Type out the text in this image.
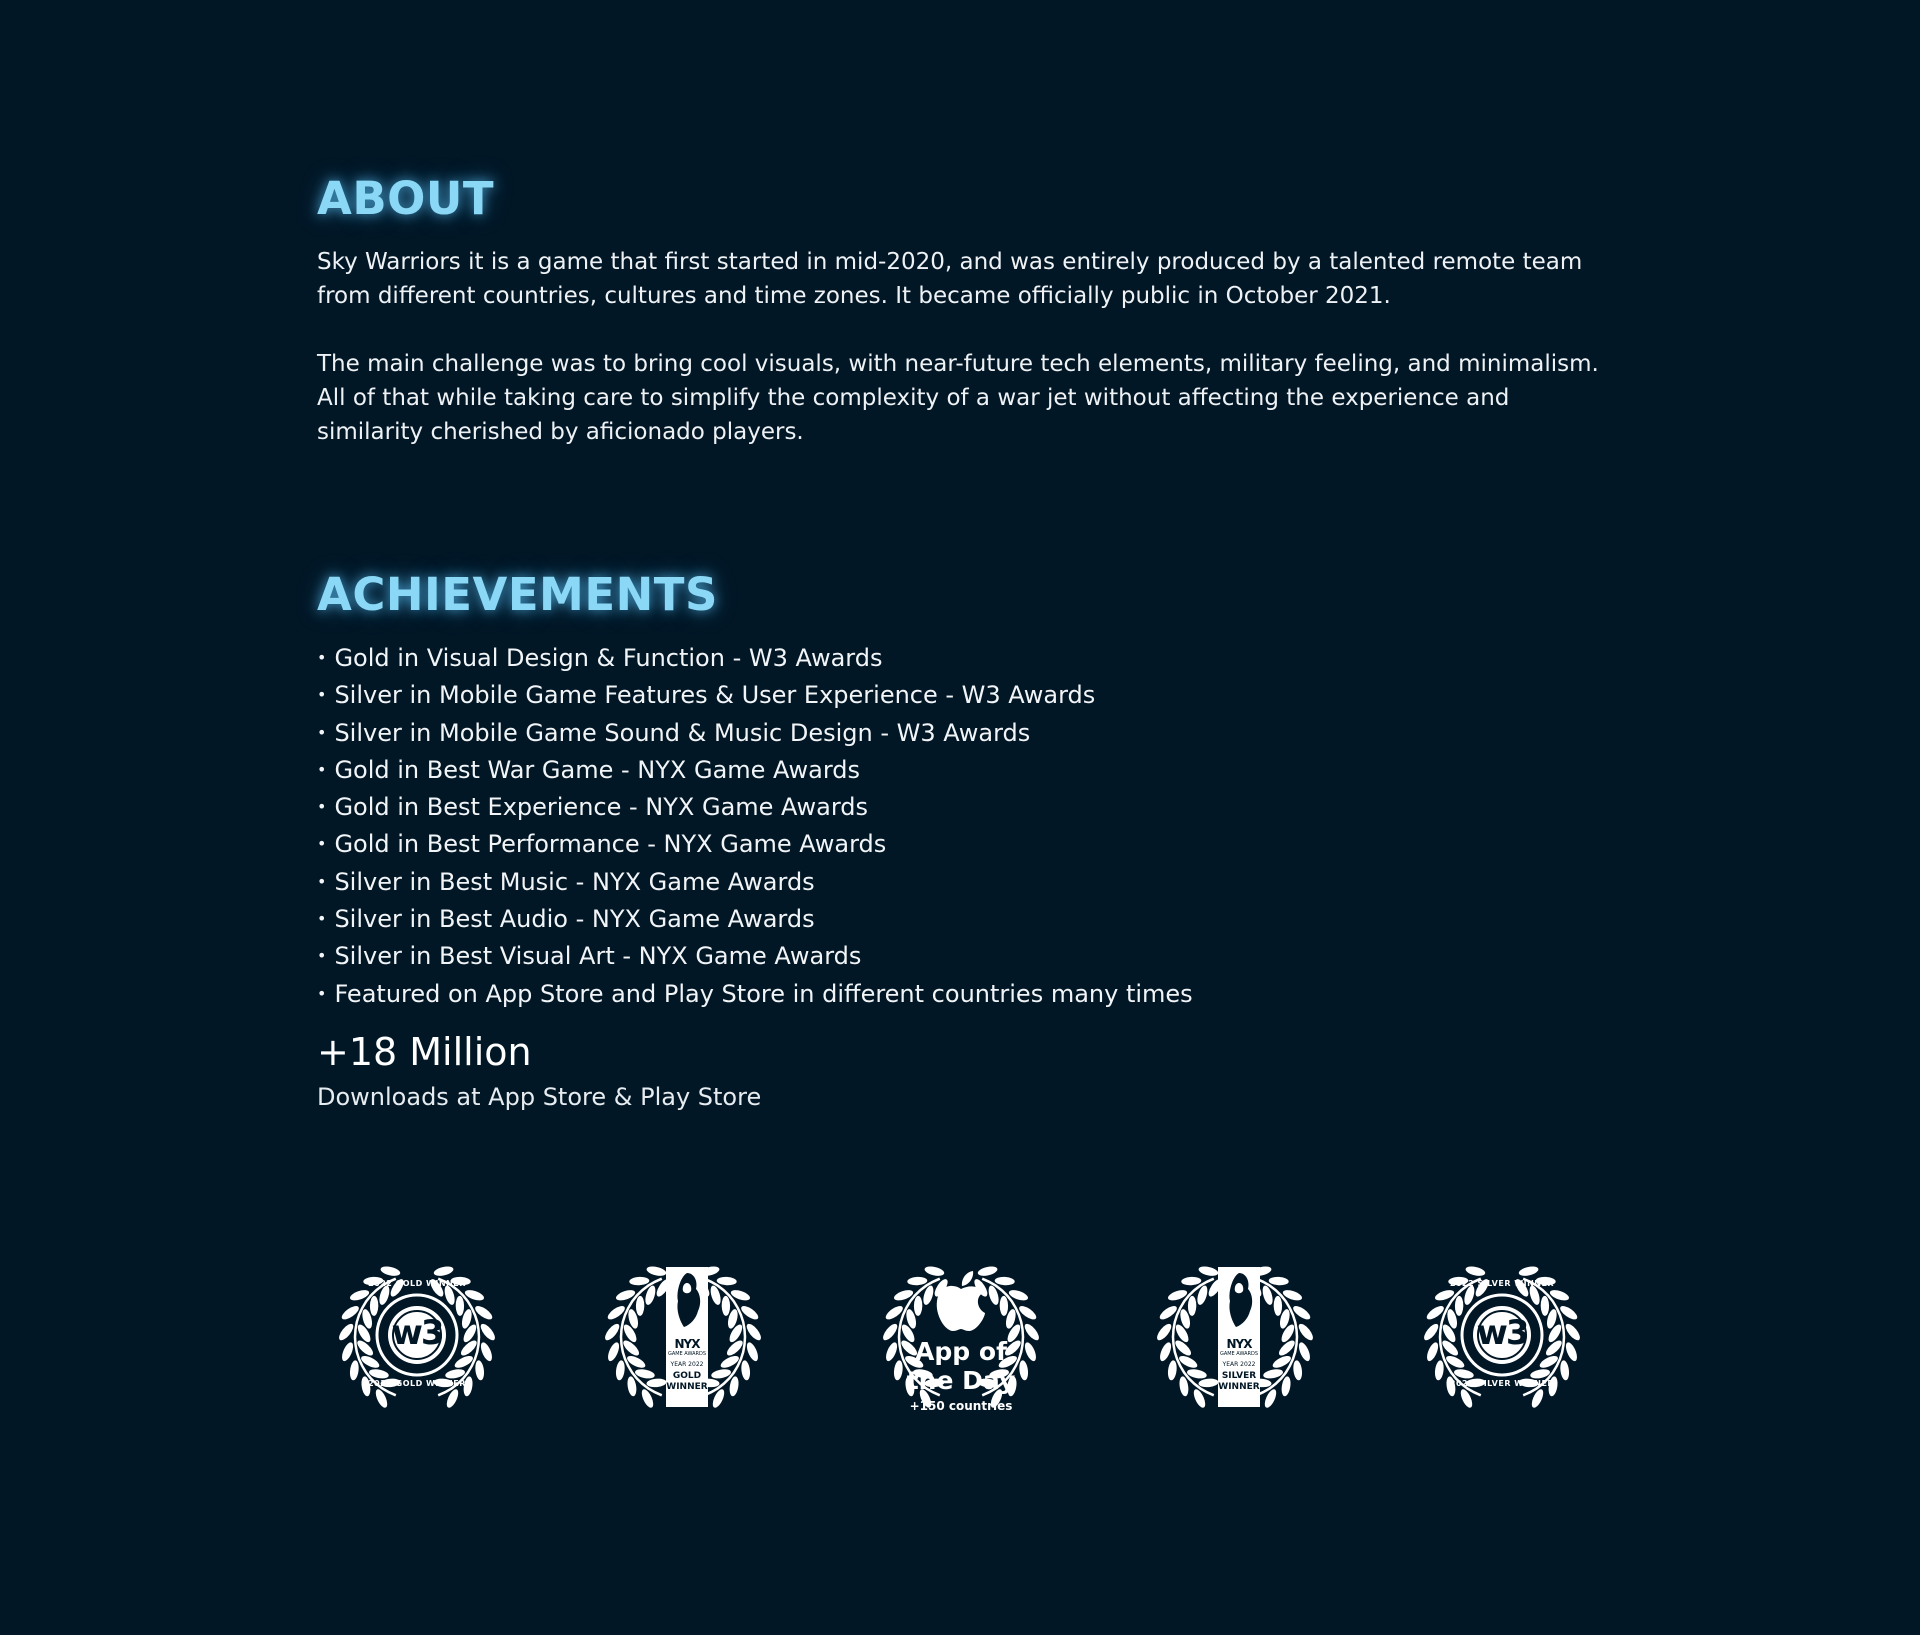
ABOUT

Sky Warriors it is a game that first started in mid-2020, and was entirely produced by a talented remote team from different countries, cultures and time zones. It became officially public in October 2021.

The main challenge was to bring cool visuals, with near-future tech elements, military feeling, and minimalism. All of that while taking care to simplify the complexity of a war jet without affecting the experience and similarity cherished by aficionado players.

ACHIEVEMENTS
• Gold in Visual Design & Function - W3 Awards
• Silver in Mobile Game Features & User Experience - W3 Awards
• Silver in Mobile Game Sound & Music Design - W3 Awards
• Gold in Best War Game - NYX Game Awards
• Gold in Best Experience - NYX Game Awards
• Gold in Best Performance - NYX Game Awards
• Silver in Best Music - NYX Game Awards
• Silver in Best Audio - NYX Game Awards
• Silver in Best Visual Art - NYX Game Awards
• Featured on App Store and Play Store in different countries many times
+18 Million
Downloads at App Store & Play Store
w3
2022 GOLD WINNER
2022 GOLD WINNER
NYX
GAME AWARDS
YEAR 2022
GOLD
WINNER
App of
the Day
+150 countries
NYX
GAME AWARDS
YEAR 2022
SILVER
WINNER
w3
2022 SILVER WINNER
2022 SILVER WINNER
